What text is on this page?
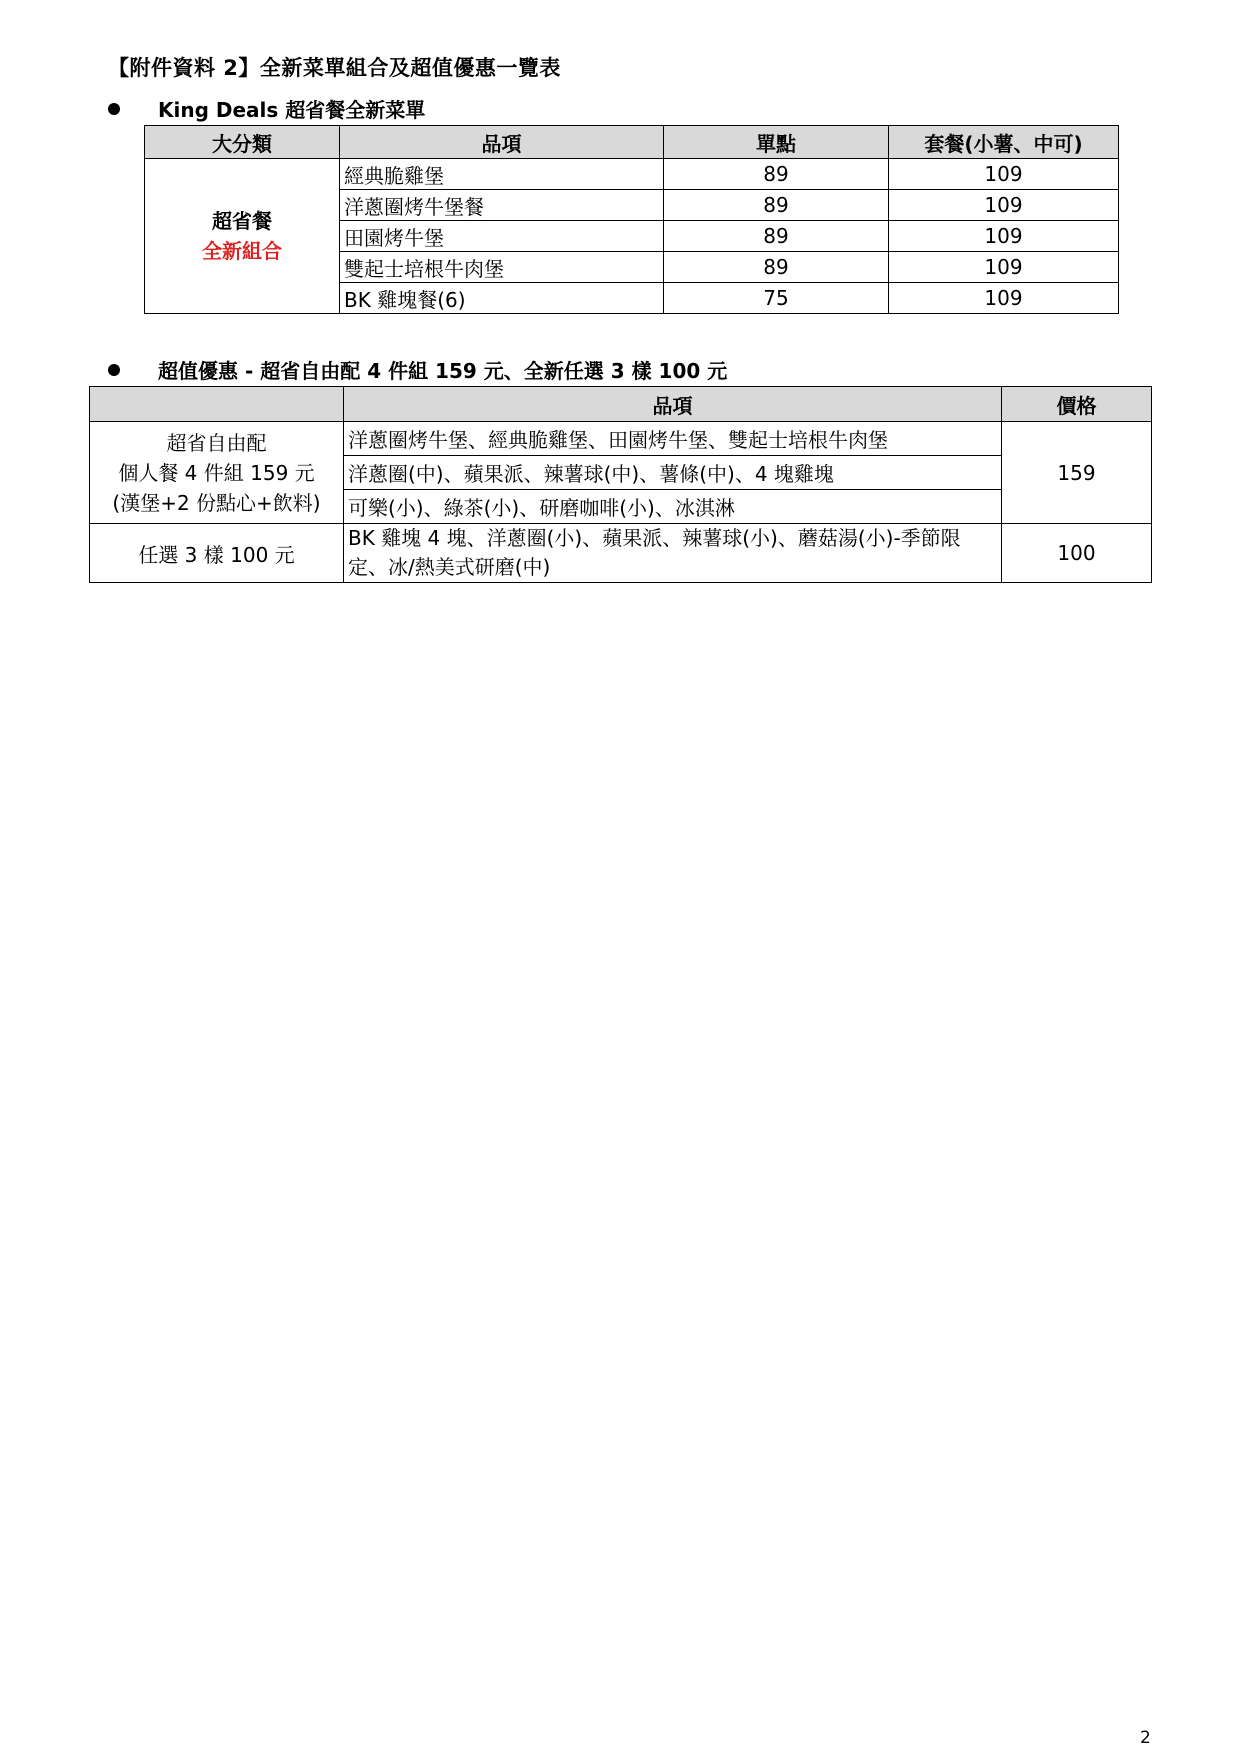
【附件資料 2】全新菜單組合及超值優惠一覽表
King Deals 超省餐全新菜單
大分類	品項	單點	套餐(小薯、中可)

超省餐
全新組合	經典脆雞堡	89	109
	洋蔥圈烤牛堡餐	89	109
	田園烤牛堡	89	109
	雙起士培根牛肉堡	89	109
	BK 雞塊餐(6)	75	109
超值優惠 - 超省自由配 4 件組 159 元、全新任選 3 樣 100 元
	品項	價格

超省自由配
個人餐 4 件組 159 元
(漢堡+2 份點心+飲料)	洋蔥圈烤牛堡、經典脆雞堡、田園烤牛堡、雙起士培根牛肉堡	159
	洋蔥圈(中)、蘋果派、辣薯球(中)、薯條(中)、4 塊雞塊	
	可樂(小)、綠茶(小)、研磨咖啡(小)、冰淇淋	
任選 3 樣 100 元	BK 雞塊 4 塊、洋蔥圈(小)、蘋果派、辣薯球(小)、蘑菇湯(小)-季節限定、冰/熱美式研磨(中)	100
2
